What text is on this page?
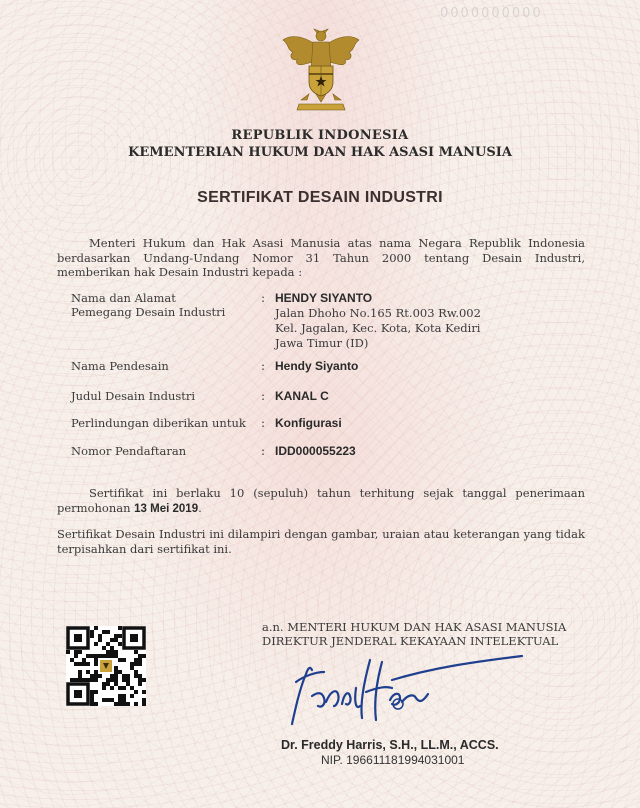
0000000000
REPUBLIK INDONESIA
KEMENTERIAN HUKUM DAN HAK ASASI MANUSIA
SERTIFIKAT DESAIN INDUSTRI
Menteri Hukum dan Hak Asasi Manusia atas nama Negara Republik Indonesia berdasarkan Undang-Undang Nomor 31 Tahun 2000 tentang Desain Industri, memberikan hak Desain Industri kepada :
Nama dan Alamat
Pemegang Desain Industri
: HENDY SIYANTO
Jalan Dhoho No.165 Rt.003 Rw.002
Kel. Jagalan, Kec. Kota, Kota Kediri
Jawa Timur (ID)
Nama Pendesain	: Hendy Siyanto
Judul Desain Industri	: KANAL C
Perlindungan diberikan untuk : Konfigurasi
Nomor Pendaftaran	: IDD000055223
Sertifikat ini berlaku 10 (sepuluh) tahun terhitung sejak tanggal penerimaan permohonan 13 Mei 2019.
Sertifikat Desain Industri ini dilampiri dengan gambar, uraian atau keterangan yang tidak terpisahkan dari sertifikat ini.
a.n. MENTERI HUKUM DAN HAK ASASI MANUSIA
DIREKTUR JENDERAL KEKAYAAN INTELEKTUAL
Dr. Freddy Harris, S.H., LL.M., ACCS.
NIP. 196611181994031001
